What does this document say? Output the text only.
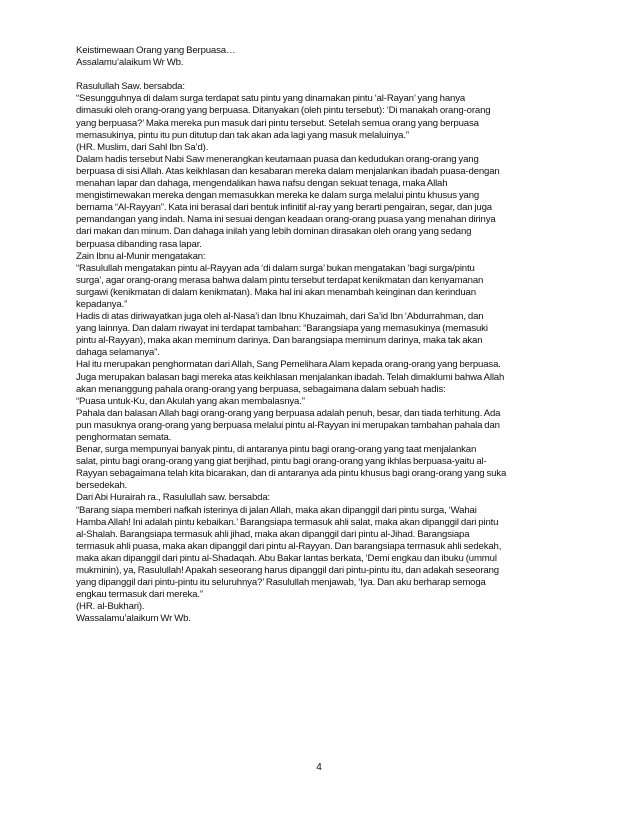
Keistimewaan Orang yang Berpuasa…
Assalamu’alaikum Wr Wb.
Rasulullah Saw. bersabda:
“Sesungguhnya di dalam surga terdapat satu pintu yang dinamakan pintu ‘al-Rayan’ yang hanya
dimasuki oleh orang-orang yang berpuasa. Ditanyakan (oleh pintu tersebut): ‘Di manakah orang-orang
yang berpuasa?’ Maka mereka pun masuk dari pintu tersebut. Setelah semua orang yang berpuasa
memasukinya, pintu itu pun ditutup dan tak akan ada lagi yang masuk melaluinya.”
(HR. Muslim, dari Sahl Ibn Sa’d).
Dalam hadis tersebut Nabi Saw menerangkan keutamaan puasa dan kedudukan orang-orang yang
berpuasa di sisi Allah. Atas keikhlasan dan kesabaran mereka dalam menjalankan ibadah puasa-dengan
menahan lapar dan dahaga, mengendalikan hawa nafsu dengan sekuat tenaga, maka Allah
mengistimewakan mereka dengan memasukkan mereka ke dalam surga melalui pintu khusus yang
bernama “Al-Rayyan”. Kata ini berasal dari bentuk infinitif al-ray yang berarti pengairan, segar, dan juga
pemandangan yang indah. Nama ini sesuai dengan keadaan orang-orang puasa yang menahan dirinya
dari makan dan minum. Dan dahaga inilah yang lebih dominan dirasakan oleh orang yang sedang
berpuasa dibanding rasa lapar.
Zain Ibnu al-Munir mengatakan:
“Rasulullah mengatakan pintu al-Rayyan ada ‘di dalam surga’ bukan mengatakan ‘bagi surga/pintu
surga’, agar orang-orang merasa bahwa dalam pintu tersebut terdapat kenikmatan dan kenyamanan
surgawi (kenikmatan di dalam kenikmatan). Maka hal ini akan menambah keinginan dan kerinduan
kepadanya.”
Hadis di atas diriwayatkan juga oleh al-Nasa’i dan Ibnu Khuzaimah, dari Sa’id Ibn ‘Abdurrahman, dan
yang lainnya. Dan dalam riwayat ini terdapat tambahan: “Barangsiapa yang memasukinya (memasuki
pintu al-Rayyan), maka akan meminum darinya. Dan barangsiapa meminum darinya, maka tak akan
dahaga selamanya”.
Hal itu merupakan penghormatan dari Allah, Sang Pemelihara Alam kepada orang-orang yang berpuasa.
Juga merupakan balasan bagi mereka atas keikhlasan menjalankan ibadah. Telah dimaklumi bahwa Allah
akan menanggung pahala orang-orang yang berpuasa, sebagaimana dalam sebuah hadis:
“Puasa untuk-Ku, dan Akulah yang akan membalasnya.”
Pahala dan balasan Allah bagi orang-orang yang berpuasa adalah penuh, besar, dan tiada terhitung. Ada
pun masuknya orang-orang yang berpuasa melalui pintu al-Rayyan ini merupakan tambahan pahala dan
penghormatan semata.
Benar, surga mempunyai banyak pintu, di antaranya pintu bagi orang-orang yang taat menjalankan
salat, pintu bagi orang-orang yang giat berjihad, pintu bagi orang-orang yang ikhlas berpuasa-yaitu al-
Rayyan sebagaimana telah kita bicarakan, dan di antaranya ada pintu khusus bagi orang-orang yang suka
bersedekah.
Dari Abi Hurairah ra., Rasulullah saw. bersabda:
“Barang siapa memberi nafkah isterinya di jalan Allah, maka akan dipanggil dari pintu surga, ‘Wahai
Hamba Allah! Ini adalah pintu kebaikan.’ Barangsiapa termasuk ahli salat, maka akan dipanggil dari pintu
al-Shalah. Barangsiapa termasuk ahli jihad, maka akan dipanggil dari pintu al-Jihad. Barangsiapa
termasuk ahli puasa, maka akan dipanggil dari pintu al-Rayyan. Dan barangsiapa termasuk ahli sedekah,
maka akan dipanggil dari pintu al-Shadaqah. Abu Bakar lantas berkata, ‘Demi engkau dan ibuku (ummul
mukminin), ya, Rasulullah! Apakah seseorang harus dipanggil dari pintu-pintu itu, dan adakah seseorang
yang dipanggil dari pintu-pintu itu seluruhnya?’ Rasulullah menjawab, ‘Iya. Dan aku berharap semoga
engkau termasuk dari mereka.”
(HR. al-Bukhari).
Wassalamu’alaikum Wr Wb.
4
